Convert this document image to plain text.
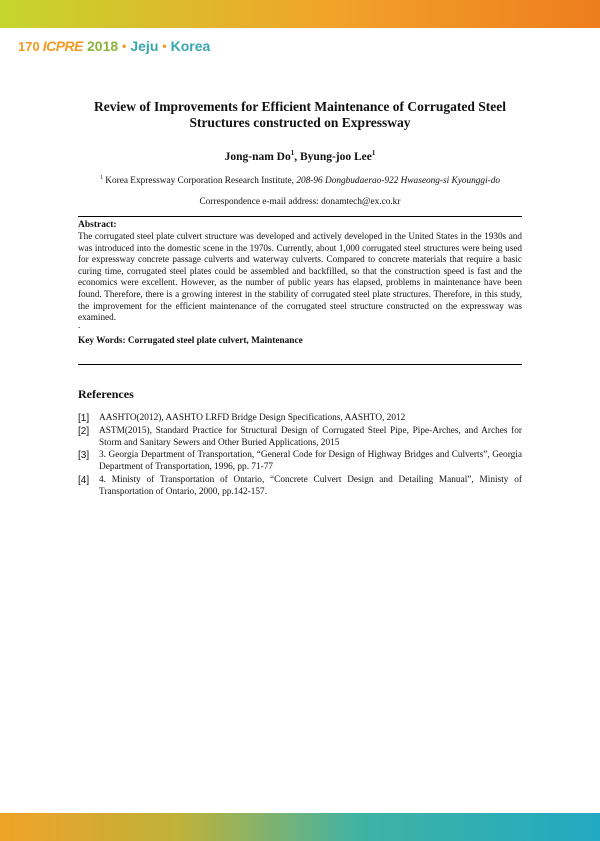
170 ICPRE 2018 • Jeju • Korea
Review of Improvements for Efficient Maintenance of Corrugated Steel Structures constructed on Expressway
Jong-nam Do$^1$, Byung-joo Lee$^1$
$^1$ Korea Expressway Corporation Research Institute, 208-96 Dongbudaerao-922 Hwaseong-si Kyounggi-do
Correspondence e-mail address: donamtech@ex.co.kr
Abstract:

The corrugated steel plate culvert structure was developed and actively developed in the United States in the 1930s and was introduced into the domestic scene in the 1970s. Currently, about 1,000 corrugated steel structures were being used for expressway concrete passage culverts and waterway culverts. Compared to concrete materials that require a basic curing time, corrugated steel plates could be assembled and backfilled, so that the construction speed is fast and the economics were excellent. However, as the number of public years has elapsed, problems in maintenance have been found. Therefore, there is a growing interest in the stability of corrugated steel plate structures. Therefore, in this study, the improvement for the efficient maintenance of the corrugated steel structure constructed on the expressway was examined.

.
Key Words: Corrugated steel plate culvert, Maintenance
References
[1]	AASHTO(2012), AASHTO LRFD Bridge Design Specifications, AASHTO, 2012
[2]	ASTM(2015), Standard Practice for Structural Design of Corrugated Steel Pipe, Pipe-Arches, and Arches for Storm and Sanitary Sewers and Other Buried Applications, 2015
[3]	3. Georgia Department of Transportation, “General Code for Design of Highway Bridges and Culverts”, Georgia Department of Transportation, 1996, pp. 71-77
[4]	4. Ministy of Transportation of Ontario, “Concrete Culvert Design and Detailing Manual”, Ministy of Transportation of Ontario, 2000, pp.142-157.
